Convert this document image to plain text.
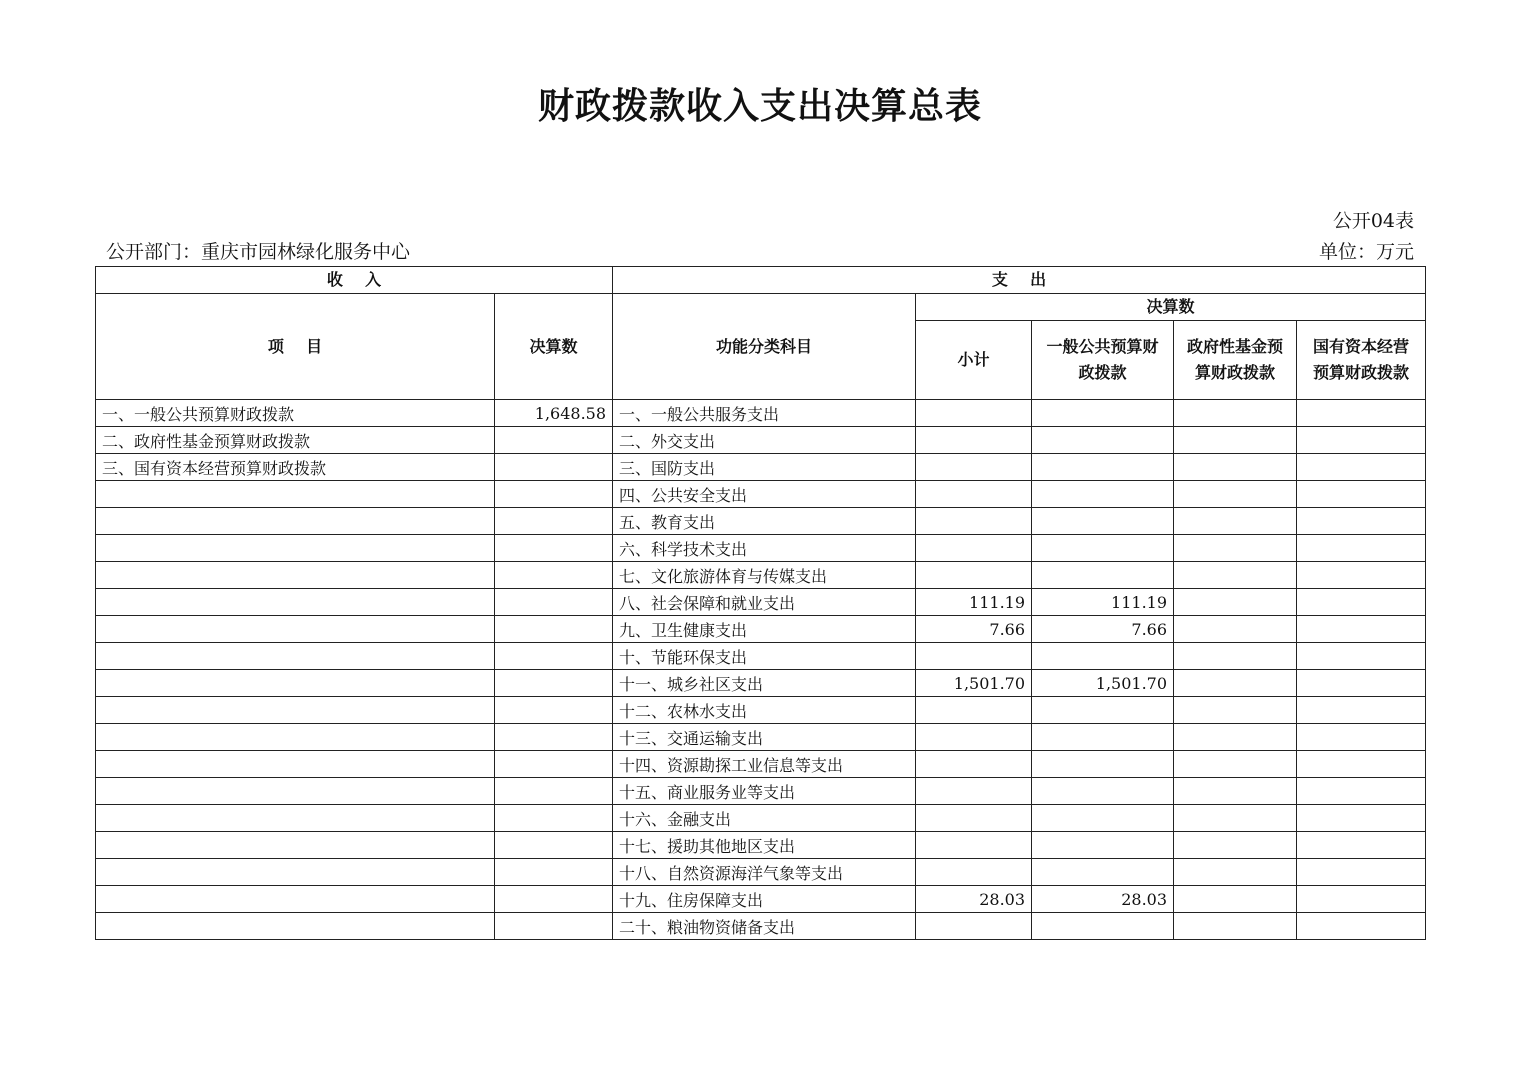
财政拨款收入支出决算总表
公开04表
公开部门：重庆市园林绿化服务中心	单位：万元
收    入		支    出				
项    目	决算数	功能分类科目	决算数			
			小计	一般公共预算财政拨款	政府性基金预算财政拨款	国有资本经营预算财政拨款
一、一般公共预算财政拨款	1,648.58	一、一般公共服务支出				
二、政府性基金预算财政拨款		二、外交支出				
三、国有资本经营预算财政拨款		三、国防支出				
		四、公共安全支出				
		五、教育支出				
		六、科学技术支出				
		七、文化旅游体育与传媒支出				
		八、社会保障和就业支出	111.19	111.19		
		九、卫生健康支出	7.66	7.66		
		十、节能环保支出				
		十一、城乡社区支出	1,501.70	1,501.70		
		十二、农林水支出				
		十三、交通运输支出				
		十四、资源勘探工业信息等支出				
		十五、商业服务业等支出				
		十六、金融支出				
		十七、援助其他地区支出				
		十八、自然资源海洋气象等支出				
		十九、住房保障支出	28.03	28.03		
		二十、粮油物资储备支出				
